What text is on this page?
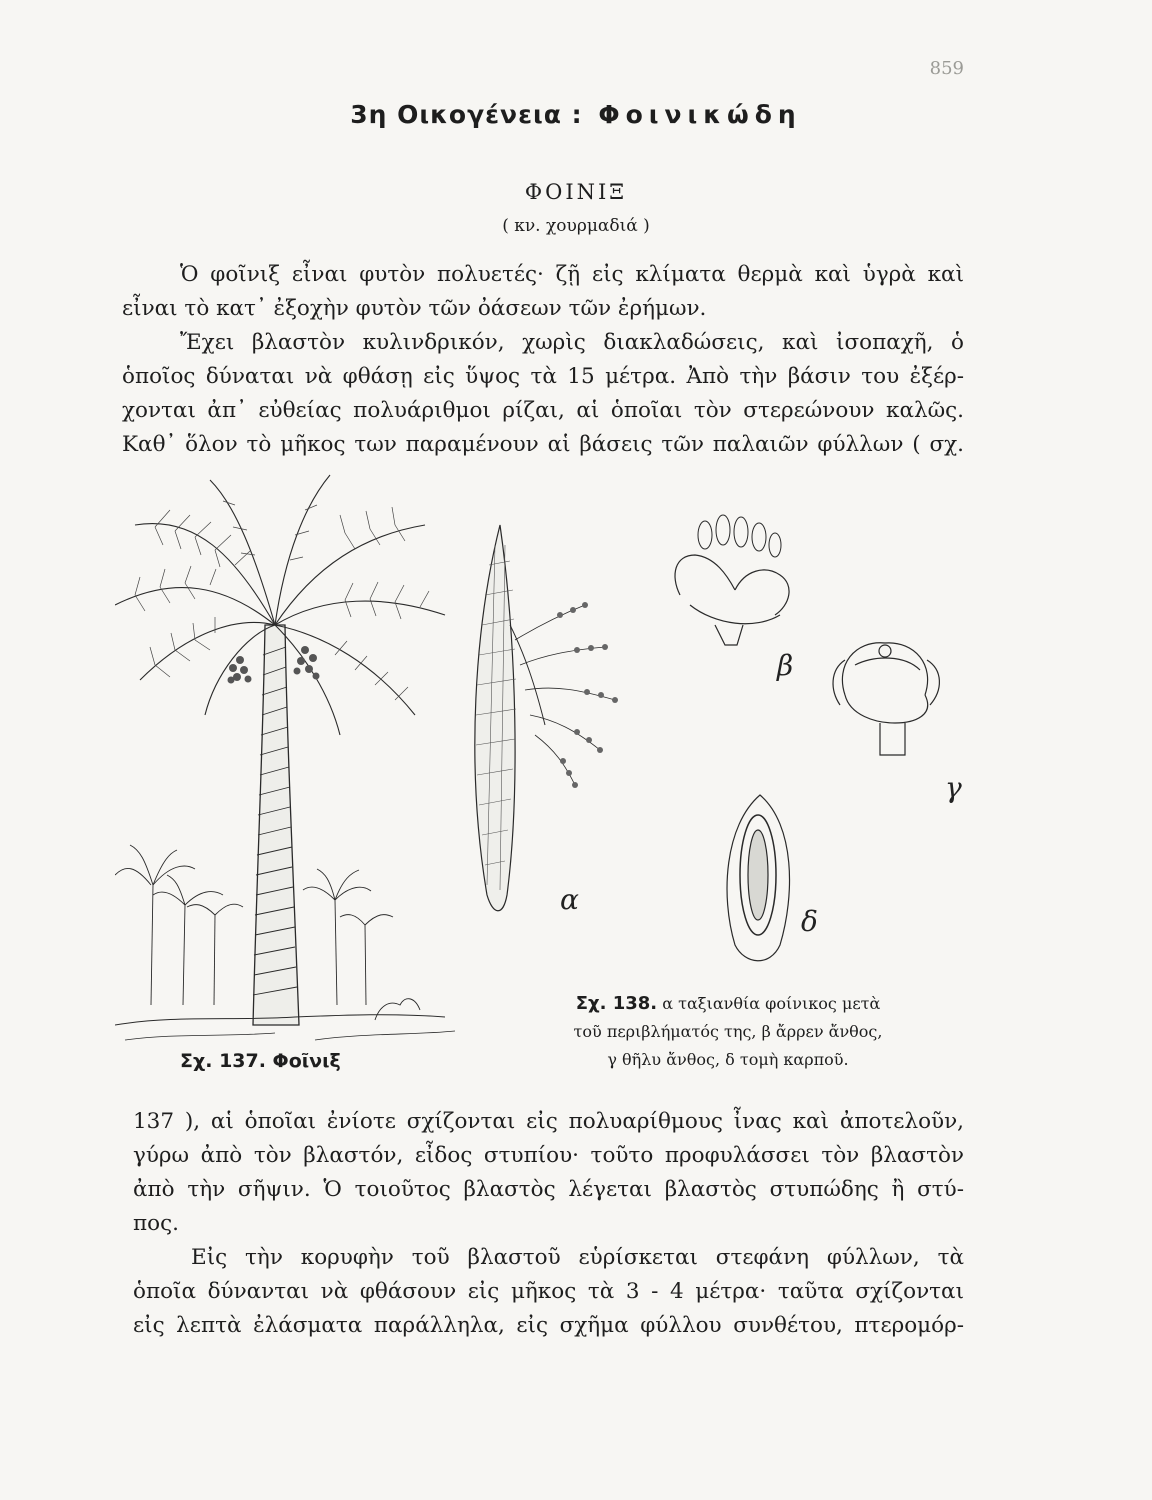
859
3η Οικογένεια : Φοινικώδη
ΦΟΙΝΙΞ
( κν. χουρμαδιά )
Ὁ φοῖνιξ εἶναι φυτὸν πολυετές· ζῇ εἰς κλίματα θερμὰ καὶ ὑγρὰ καὶ
εἶναι τὸ κατ᾿ ἐξοχὴν φυτὸν τῶν ὀάσεων τῶν ἐρήμων.
Ἔχει βλαστὸν κυλινδρικόν, χωρὶς διακλαδώσεις, καὶ ἰσοπαχῆ, ὁ
ὁποῖος δύναται νὰ φθάσῃ εἰς ὕψος τὰ 15 μέτρα. Ἀπὸ τὴν βάσιν του ἐξέρ-
χονται ἀπ᾿ εὐθείας πολυάριθμοι ρίζαι, αἱ ὁποῖαι τὸν στερεώνουν καλῶς.
Καθ᾿ ὅλον τὸ μῆκος των παραμένουν αἱ βάσεις τῶν παλαιῶν φύλλων ( σχ.
β
γ
α
δ
Σχ. 137. Φοῖνιξ
Σχ. 138. α ταξιανθία φοίνικος μετὰ
τοῦ περιβλήματός της, β ἄρρεν ἄνθος,
γ θῆλυ ἄνθος, δ τομὴ καρποῦ.
137 ), αἱ ὁποῖαι ἐνίοτε σχίζονται εἰς πολυαρίθμους ἶνας καὶ ἀποτελοῦν,
γύρω ἀπὸ τὸν βλαστόν, εἶδος στυπίου· τοῦτο προφυλάσσει τὸν βλαστὸν
ἀπὸ τὴν σῆψιν. Ὁ τοιοῦτος βλαστὸς λέγεται βλαστὸς στυπώδης ἢ στύ-
πος.
Εἰς τὴν κορυφὴν τοῦ βλαστοῦ εὑρίσκεται στεφάνη φύλλων, τὰ
ὁποῖα δύνανται νὰ φθάσουν εἰς μῆκος τὰ 3 - 4 μέτρα· ταῦτα σχίζονται
εἰς λεπτὰ ἐλάσματα παράλληλα, εἰς σχῆμα φύλλου συνθέτου, πτερομόρ-
